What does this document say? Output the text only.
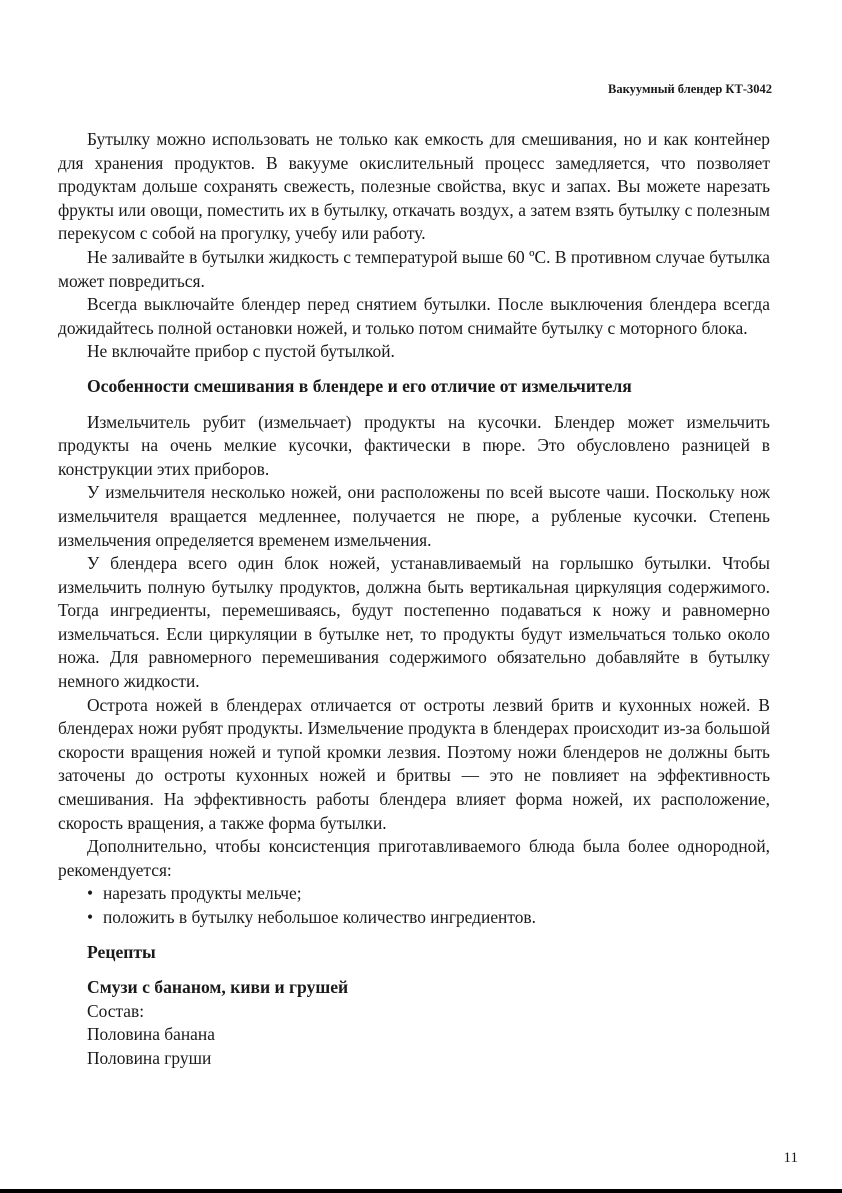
Вакуумный блендер КТ-3042

Бутылку можно использовать не только как емкость для смешивания, но и как контейнер для хранения продуктов. В вакууме окислительный процесс замедляется, что позволяет продуктам дольше сохранять свежесть, полезные свойства, вкус и запах. Вы можете нарезать фрукты или овощи, поместить их в бутылку, откачать воздух, а затем взять бутылку с полезным перекусом с собой на прогулку, учебу или работу.

Не заливайте в бутылки жидкость с температурой выше 60 ºС. В противном случае бутылка может повредиться.

Всегда выключайте блендер перед снятием бутылки. После выключения блендера всегда дожидайтесь полной остановки ножей, и только потом снимайте бутылку с моторного блока.

Не включайте прибор с пустой бутылкой.

Особенности смешивания в блендере и его отличие от измельчителя

Измельчитель рубит (измельчает) продукты на кусочки. Блендер может измельчить продукты на очень мелкие кусочки, фактически в пюре. Это обусловлено разницей в конструкции этих приборов.

У измельчителя несколько ножей, они расположены по всей высоте чаши. Поскольку нож измельчителя вращается медленнее, получается не пюре, а рубленые кусочки. Степень измельчения определяется временем измельчения.

У блендера всего один блок ножей, устанавливаемый на горлышко бутылки. Чтобы измельчить полную бутылку продуктов, должна быть вертикальная циркуляция содержимого. Тогда ингредиенты, перемешиваясь, будут постепенно подаваться к ножу и равномерно измельчаться. Если циркуляции в бутылке нет, то продукты будут измельчаться только около ножа. Для равномерного перемешивания содержимого обязательно добавляйте в бутылку немного жидкости.

Острота ножей в блендерах отличается от остроты лезвий бритв и кухонных ножей. В блендерах ножи рубят продукты. Измельчение продукта в блендерах происходит из-за большой скорости вращения ножей и тупой кромки лезвия. Поэтому ножи блендеров не должны быть заточены до остроты кухонных ножей и бритвы — это не повлияет на эффективность смешивания. На эффективность работы блендера влияет форма ножей, их расположение, скорость вращения, а также форма бутылки.

Дополнительно, чтобы консистенция приготавливаемого блюда была более однородной, рекомендуется:

• нарезать продукты мельче;
• положить в бутылку небольшое количество ингредиентов.
Рецепты
Смузи с бананом, киви и грушей

Состав:

Половина банана

Половина груши

11
